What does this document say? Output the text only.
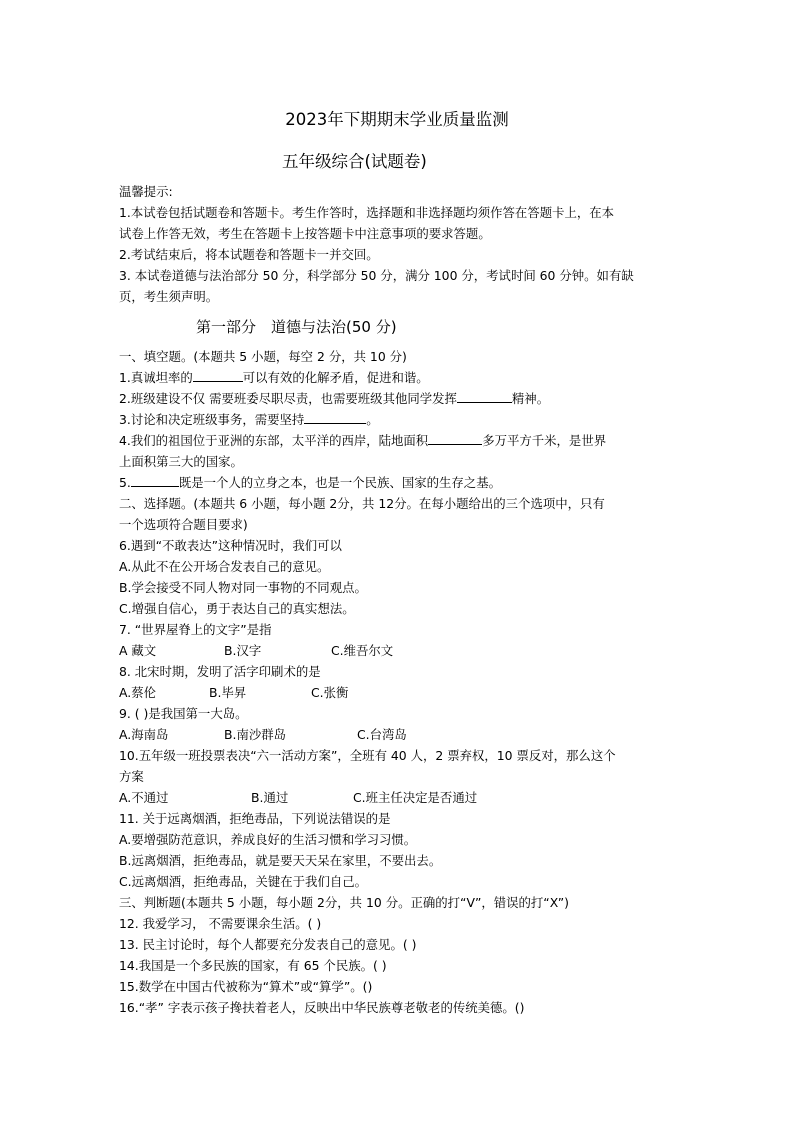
2023年下期期末学业质量监测
五年级综合(试题卷)
温馨提示:
1.本试卷包括试题卷和答题卡。考生作答时，选择题和非选择题均须作答在答题卡上，在本
试卷上作答无效，考生在答题卡上按答题卡中注意事项的要求答题。
2.考试结束后，将本试题卷和答题卡一并交回。
3. 本试卷道德与法治部分 50 分，科学部分 50 分，满分 100 分，考试时间 60 分钟。如有缺
页，考生须声明。
第一部分　道德与法治(50 分)
一、填空题。(本题共 5 小题，每空 2 分，共 10 分)
1.真诚坦率的	可以有效的化解矛盾，促进和谐。
2.班级建设不仅 需要班委尽职尽责，也需要班级其他同学发挥	精神。
3.讨论和决定班级事务，需要坚持	。
4.我们的祖国位于亚洲的东部，太平洋的西岸，陆地面积	多万平方千米，是世界
上面积第三大的国家。
5.	既是一个人的立身之本，也是一个民族、国家的生存之基。
二、选择题。(本题共 6 小题，每小题 2分，共 12分。在每小题给出的三个选项中，只有
一个选项符合题目要求)
6.遇到“不敢表达”这种情况时，我们可以
A.从此不在公开场合发表自己的意见。
B.学会接受不同人物对同一事物的不同观点。
C.增强自信心，勇于表达自己的真实想法。
7. “世界屋脊上的文字”是指
A 藏文	B.汉字	C.维吾尔文
8. 北宋时期，发明了活字印刷术的是
A.蔡伦	B.毕昇	C.张衡
9. ( )是我国第一大岛。
A.海南岛	B.南沙群岛	C.台湾岛
10.五年级一班投票表决“六一活动方案”，全班有 40 人，2 票弃权，10 票反对，那么这个
方案
A.不通过	B.通过	C.班主任决定是否通过
11. 关于远离烟酒，拒绝毒品，下列说法错误的是
A.要增强防范意识，养成良好的生活习惯和学习习惯。
B.远离烟酒，拒绝毒品，就是要天天呆在家里，不要出去。
C.远离烟酒，拒绝毒品，关键在于我们自己。
三、判断题(本题共 5 小题，每小题 2分，共 10 分。正确的打“V”，错误的打“X”)
12. 我爱学习， 不需要课余生活。( )
13. 民主讨论时，每个人都要充分发表自己的意见。( )
14.我国是一个多民族的国家，有 65 个民族。( )
15.数学在中国古代被称为“算术”或“算学”。()
16.“孝” 字表示孩子搀扶着老人，反映出中华民族尊老敬老的传统美德。()
